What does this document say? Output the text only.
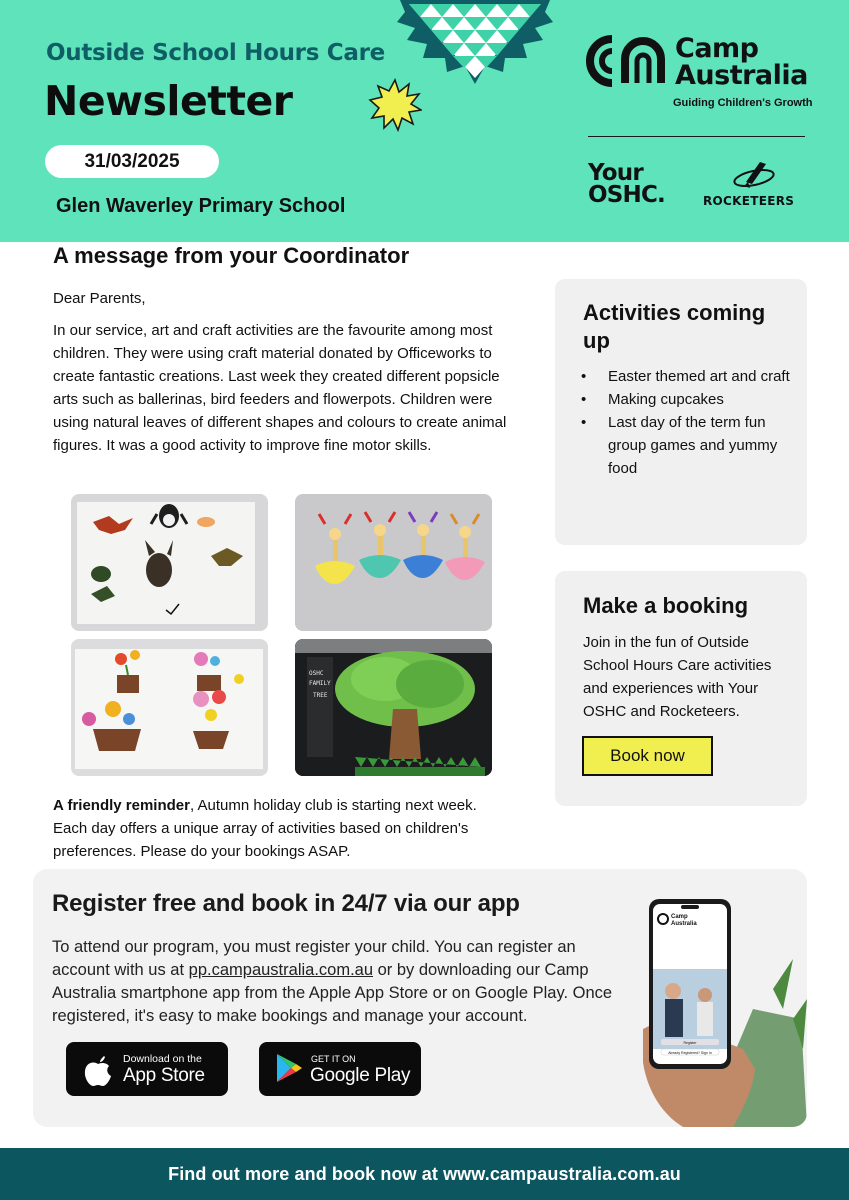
Outside School Hours Care
Newsletter
31/03/2025
Glen Waverley Primary School
Camp
Australia
Guiding Children's Growth
Your
OSHC.	ROCKETEERS
A message from your Coordinator
Dear Parents,
In our service, art and craft activities are the favourite among most children. They were using craft material donated by Officeworks to create fantastic creations. Last week they created different popsicle arts such as ballerinas, bird feeders and flowerpots. Children were using natural leaves of different shapes and colours to create animal figures. It was a good activity to improve fine motor skills.
OSHC
FAMILY
TREE
A friendly reminder, Autumn holiday club is starting next week. Each day offers a unique array of activities based on children's preferences. Please do your bookings ASAP.
Activities coming up
• Easter themed art and craft
• Making cupcakes
• Last day of the term fun group games and yummy food
Make a booking
Join in the fun of Outside School Hours Care activities and experiences with Your OSHC and Rocketeers.
Book now
Register free and book in 24/7 via our app
To attend our program, you must register your child. You can register an account with us at pp.campaustralia.com.au or by downloading our Camp Australia smartphone app from the Apple App Store or on Google Play. Once registered, it's easy to make bookings and manage your account.
Download on the
App Store
GET IT ON
Google Play
Camp
Australia
Register
Already Registered? Sign In
Find out more and book now at www.campaustralia.com.au
